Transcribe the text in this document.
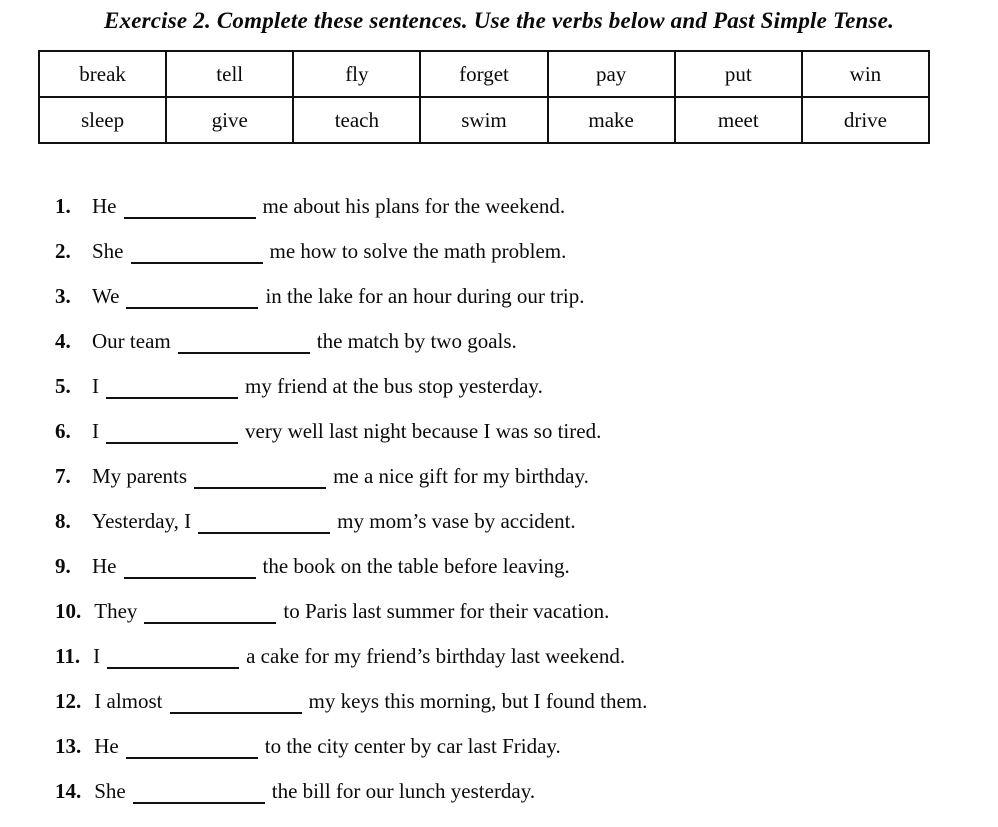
Exercise 2. Complete these sentences. Use the verbs below and Past Simple Tense.
break	tell	fly	forget	pay	put	win
sleep	give	teach	swim	make	meet	drive
1.	He	me about his plans for the weekend.
2.	She	me how to solve the math problem.
3.	We	in the lake for an hour during our trip.
4.	Our team	the match by two goals.
5.	I	my friend at the bus stop yesterday.
6.	I	very well last night because I was so tired.
7.	My parents	me a nice gift for my birthday.
8.	Yesterday, I	my mom’s vase by accident.
9.	He	the book on the table before leaving.
10. They	to Paris last summer for their vacation.
11. I	a cake for my friend’s birthday last weekend.
12. I almost	my keys this morning, but I found them.
13. He	to the city center by car last Friday.
14. She	the bill for our lunch yesterday.
